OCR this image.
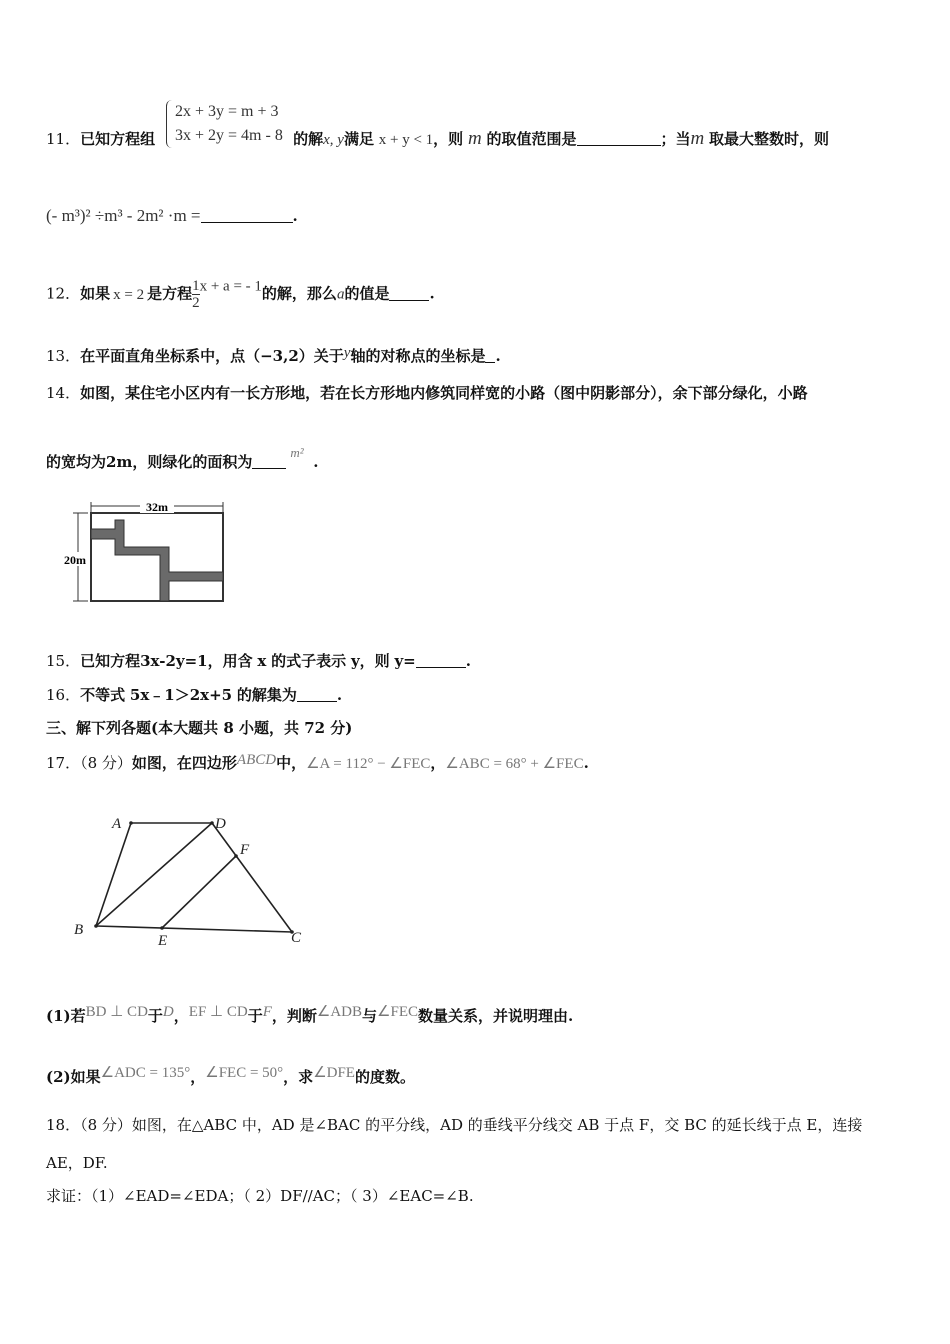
2x + 3y = m + 3
3x + 2y = 4m - 8
11．已知方程组	的解x, y满足 x + y < 1，则 m 的取值范围是	；当m 取最大整数时，则
(- m³)² ÷m³ - 2m² ·m =	.
12．如果 x = 2 是方程 $\frac{1}{2}$ x + a = - 1的解，那么a的值是	.
13．在平面直角坐标系中，点（−3,2）关于y轴的对称点的坐标是 .
14．如图，某住宅小区内有一长方形地，若在长方形地内修筑同样宽的小路（图中阴影部分），余下部分绿化，小路
的宽均为2m，则绿化的面积为m²  .
32m
20m
15．已知方程3x-2y=1，用含 x 的式子表示 y，则 y=	.
16．不等式 5x﹣1＞2x+5 的解集为	.
三、解下列各题(本大题共 8 小题，共 72 分)
17．（8 分）如图，在四边形ABCD中，∠A = 112° − ∠FEC，∠ABC = 68° + ∠FEC.
A	D
F
B
E	C
(1)若BD ⊥ CD于D，EF ⊥ CD于F，判断∠ADB与∠FEC数量关系，并说明理由.
(2)如果∠ADC = 135°，∠FEC = 50°，求∠DFE的度数。
18．（8 分）如图，在△ABC 中，AD 是∠BAC 的平分线，AD 的垂线平分线交 AB 于点 F，交 BC 的延长线于点 E，连接
AE，DF.
求证：（1）∠EAD=∠EDA；（ 2）DF//AC；（ 3）∠EAC=∠B.
